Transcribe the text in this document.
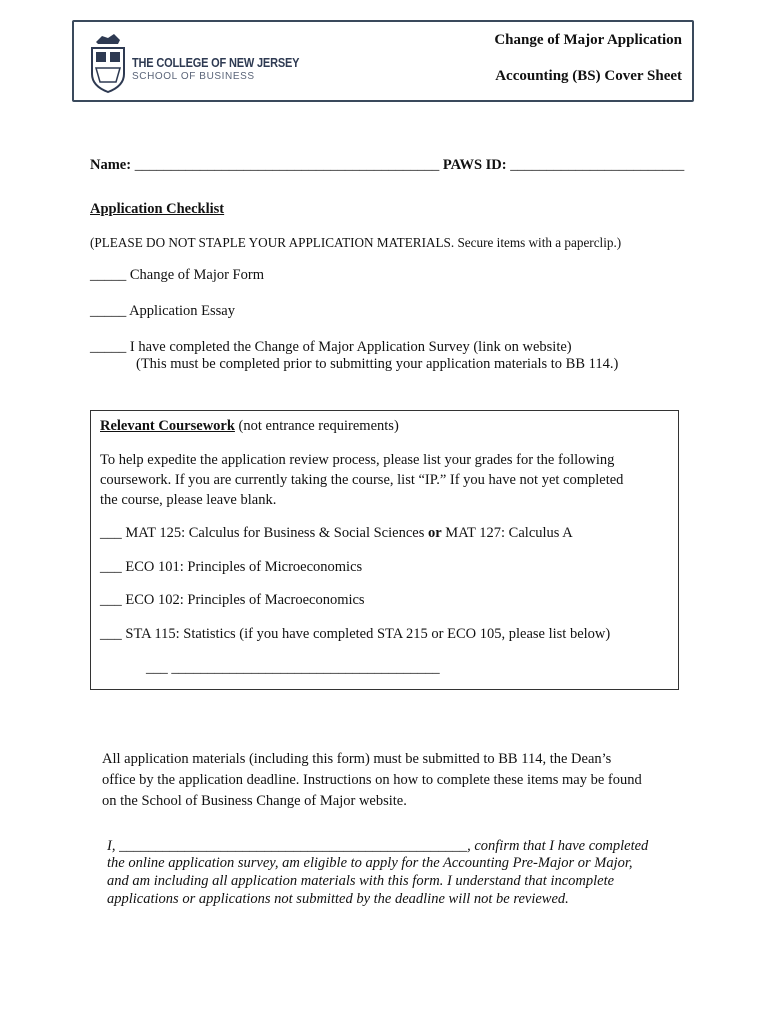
THE COLLEGE OF NEW JERSEY
SCHOOL OF BUSINESS
Change of Major Application
Accounting (BS) Cover Sheet
Name: __________________________________________ PAWS ID: ________________________
Application Checklist
(PLEASE DO NOT STAPLE YOUR APPLICATION MATERIALS. Secure items with a paperclip.)
_____ Change of Major Form
_____ Application Essay
_____ I have completed the Change of Major Application Survey (link on website)
(This must be completed prior to submitting your application materials to BB 114.)
Relevant Coursework (not entrance requirements)
To help expedite the application review process, please list your grades for the following
coursework. If you are currently taking the course, list “IP.” If you have not yet completed
the course, please leave blank.
___ MAT 125: Calculus for Business & Social Sciences or MAT 127: Calculus A
___ ECO 101: Principles of Microeconomics
___ ECO 102: Principles of Macroeconomics
___ STA 115: Statistics (if you have completed STA 215 or ECO 105, please list below)
___ _____________________________________
All application materials (including this form) must be submitted to BB 114, the Dean’s
office by the application deadline. Instructions on how to complete these items may be found
on the School of Business Change of Major website.
I, ________________________________________________, confirm that I have completed
the online application survey, am eligible to apply for the Accounting Pre-Major or Major,
and am including all application materials with this form. I understand that incomplete
applications or applications not submitted by the deadline will not be reviewed.
